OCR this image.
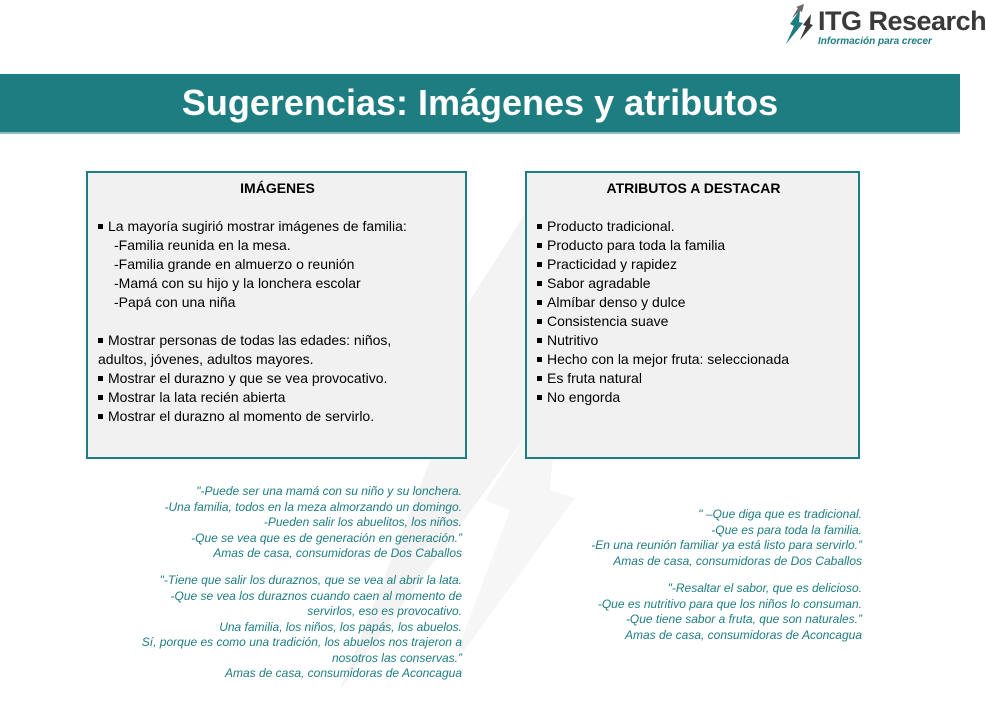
ITG Research
Información para crecer
Sugerencias: Imágenes y atributos
IMÁGENES
La mayoría sugirió mostrar imágenes de familia:
-Familia reunida en la mesa.
-Familia grande en almuerzo o reunión
-Mamá con su hijo y la lonchera escolar
-Papá con una niña
Mostrar personas de todas las edades: niños,
adultos, jóvenes, adultos mayores.
Mostrar el durazno y que se vea provocativo.
Mostrar la lata recién abierta
Mostrar el durazno al momento de servirlo.
ATRIBUTOS A DESTACAR
Producto tradicional.
Producto para toda la familia
Practicidad y rapidez
Sabor agradable
Almíbar denso y dulce
Consistencia suave
Nutritivo
Hecho con la mejor fruta: seleccionada
Es fruta natural
No engorda
"-Puede ser una mamá con su niño y su lonchera.
-Una familia, todos en la meza almorzando un domingo.
-Pueden salir los abuelitos, los niños.
-Que se vea que es de generación en generación.”
Amas de casa, consumidoras de Dos Caballos
"-Tiene que salir los duraznos, que se vea al abrir la lata.
-Que se vea los duraznos cuando caen al momento de
servirlos, eso es provocativo.
Una familia, los niños, los papás, los abuelos.
Sí, porque es como una tradición, los abuelos nos trajeron a
nosotros las conservas.”
Amas de casa, consumidoras de Aconcagua
" –Que diga que es tradicional.
-Que es para toda la familia.
-En una reunión familiar ya está listo para servirlo.”
Amas de casa, consumidoras de Dos Caballos
"-Resaltar el sabor, que es delicioso.
-Que es nutritivo para que los niños lo consuman.
-Que tiene sabor a fruta, que son naturales.”
Amas de casa, consumidoras de Aconcagua
